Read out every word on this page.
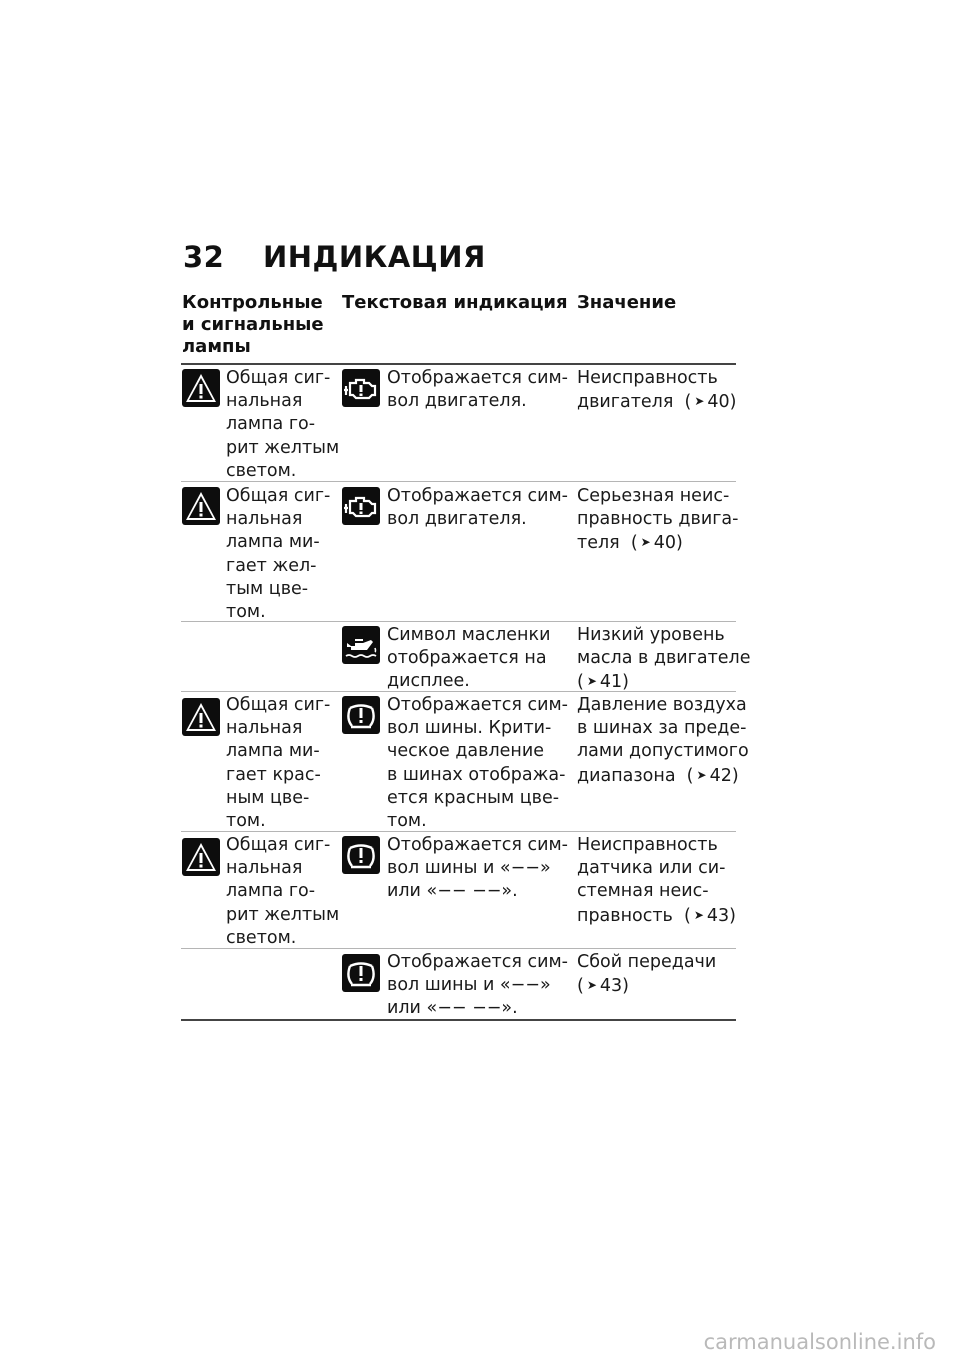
32 ИНДИКАЦИЯ
Контрольные
и сигнальные
лампы
Текстовая индикация Значение
Общая сиг-
нальная
лампа го-
рит желтым
светом.
Отображается сим-
вол двигателя.
Неисправность
двигателя  ( ➤ 40)
Общая сиг-
нальная
лампа ми-
гает жел-
тым цве-
том.
Отображается сим-
вол двигателя.
Серьезная неис-
правность двига-
теля  ( ➤ 40)
Символ масленки
отображается на
дисплее.
Низкий уровень
масла в двигателе
( ➤ 41)
Общая сиг-
нальная
лампа ми-
гает крас-
ным цве-
том.
Отображается сим-
вол шины. Крити-
ческое давление
в шинах отобража-
ется красным цве-
том.
Давление воздуха
в шинах за преде-
лами допустимого
диапазона  ( ➤ 42)
Общая сиг-
нальная
лампа го-
рит желтым
светом.
Отображается сим-
вол шины и «−−»
или «−− −−».
Неисправность
датчика или си-
стемная неис-
правность  ( ➤ 43)
Отображается сим-
вол шины и «−−»
или «−− −−».
Сбой передачи
( ➤ 43)
carmanualsonline.info
